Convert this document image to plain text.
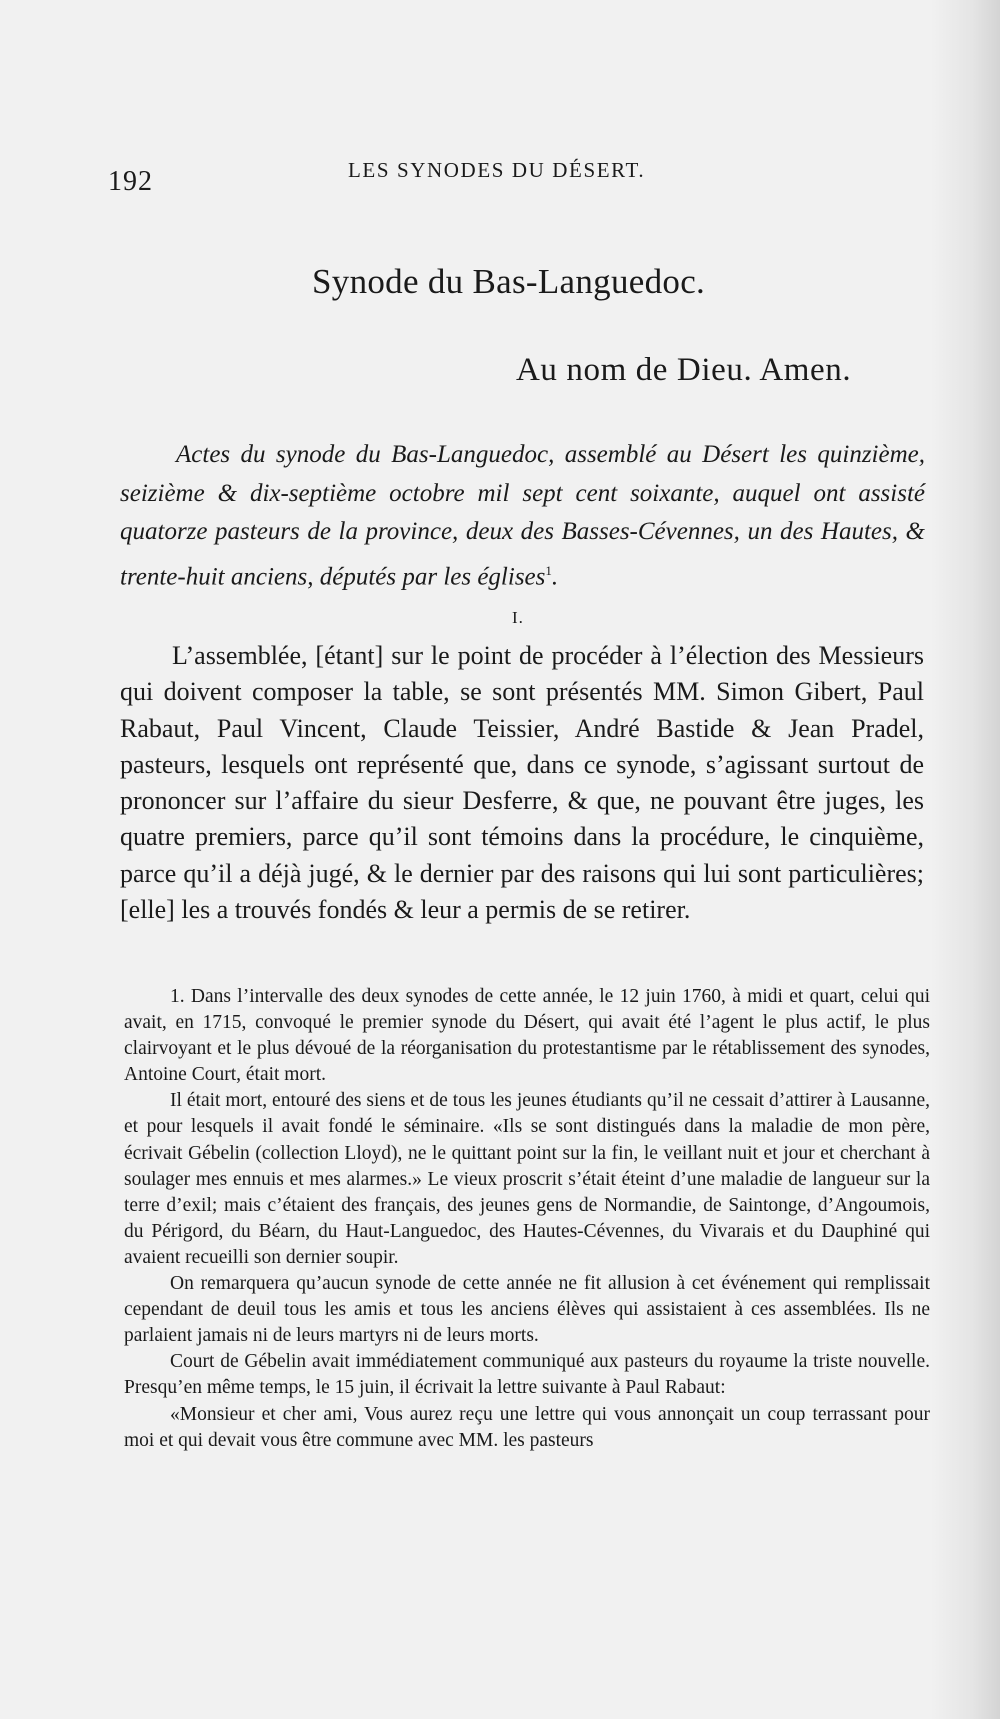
192	LES SYNODES DU DÉSERT.
Synode du Bas-Languedoc.
Au nom de Dieu. Amen.
Actes du synode du Bas-Languedoc, assemblé au Désert les quinzième, seizième & dix-septième octobre mil sept cent soixante, auquel ont assisté quatorze pasteurs de la province, deux des Basses-Cévennes, un des Hautes, & trente-huit anciens, députés par les églises$^1$.
I.

L’assemblée, [étant] sur le point de procéder à l’élection des Messieurs qui doivent composer la table, se sont présentés MM. Simon Gibert, Paul Rabaut, Paul Vincent, Claude Teissier, André Bastide & Jean Pradel, pasteurs, lesquels ont représenté que, dans ce synode, s’agissant surtout de prononcer sur l’affaire du sieur Desferre, & que, ne pouvant être juges, les quatre premiers, parce qu’il sont témoins dans la procédure, le cinquième, parce qu’il a déjà jugé, & le dernier par des raisons qui lui sont particulières; [elle] les a trouvés fondés & leur a permis de se retirer.

1. Dans l’intervalle des deux synodes de cette année, le 12 juin 1760, à midi et quart, celui qui avait, en 1715, convoqué le premier synode du Désert, qui avait été l’agent le plus actif, le plus clairvoyant et le plus dévoué de la réorganisation du protestantisme par le rétablissement des synodes, Antoine Court, était mort.

Il était mort, entouré des siens et de tous les jeunes étudiants qu’il ne cessait d’attirer à Lausanne, et pour lesquels il avait fondé le séminaire. «Ils se sont distingués dans la maladie de mon père, écrivait Gébelin (collection Lloyd), ne le quittant point sur la fin, le veillant nuit et jour et cherchant à soulager mes ennuis et mes alarmes.» Le vieux proscrit s’était éteint d’une maladie de langueur sur la terre d’exil; mais c’étaient des français, des jeunes gens de Normandie, de Saintonge, d’Angoumois, du Périgord, du Béarn, du Haut-Languedoc, des Hautes-Cévennes, du Vivarais et du Dauphiné qui avaient recueilli son dernier soupir.

On remarquera qu’aucun synode de cette année ne fit allusion à cet événement qui remplissait cependant de deuil tous les amis et tous les anciens élèves qui assistaient à ces assemblées. Ils ne parlaient jamais ni de leurs martyrs ni de leurs morts.

Court de Gébelin avait immédiatement communiqué aux pasteurs du royaume la triste nouvelle. Presqu’en même temps, le 15 juin, il écrivait la lettre suivante à Paul Rabaut:

«Monsieur et cher ami, Vous aurez reçu une lettre qui vous annonçait un coup terrassant pour moi et qui devait vous être commune avec MM. les pasteurs
